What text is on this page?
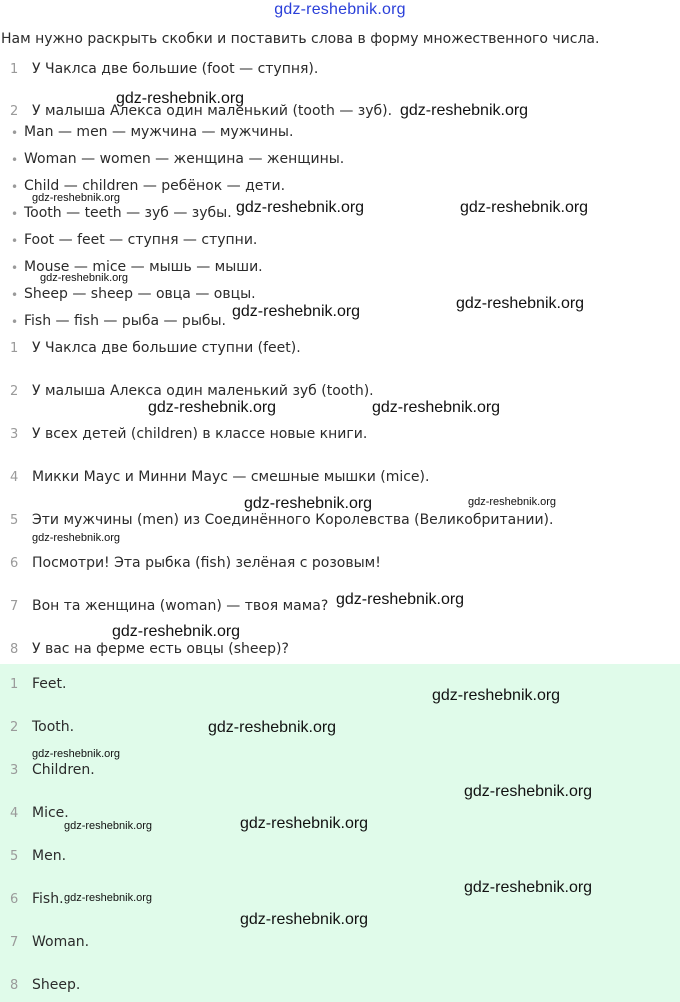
gdz-reshebnik.org
Нам нужно раскрыть скобки и поставить слова в форму множественного числа.
1 У Чаклса две большие (foot — ступня).
2 У малыша Алекса один маленький (tooth — зуб).
• Man — men — мужчина — мужчины.
• Woman — women — женщина — женщины.
• Child — children — ребёнок — дети.
• Tooth — teeth — зуб — зубы.
• Foot — feet — ступня — ступни.
• Mouse — mice — мышь — мыши.
• Sheep — sheep — овца — овцы.
• Fish — fish — рыба — рыбы.
1 У Чаклса две большие ступни (feet).
2 У малыша Алекса один маленький зуб (tooth).
3 У всех детей (children) в классе новые книги.
4 Микки Маус и Минни Маус — смешные мышки (mice).
5 Эти мужчины (men) из Соединённого Королевства (Великобритании).
6 Посмотри! Эта рыбка (fish) зелёная с розовым!
7 Вон та женщина (woman) — твоя мама?
8 У вас на ферме есть овцы (sheep)?
1 Feet.
2 Tooth.
3 Children.
4 Mice.
5 Men.
6 Fish.
7 Woman.
8 Sheep.
gdz-reshebnik.org
gdz-reshebnik.org
gdz-reshebnik.org
gdz-reshebnik.org	gdz-reshebnik.org
gdz-reshebnik.org
gdz-reshebnik.org
gdz-reshebnik.org
gdz-reshebnik.org	gdz-reshebnik.org
gdz-reshebnik.org	gdz-reshebnik.org
gdz-reshebnik.org
gdz-reshebnik.org
gdz-reshebnik.org
gdz-reshebnik.org
gdz-reshebnik.org
gdz-reshebnik.org
gdz-reshebnik.org
gdz-reshebnik.org	gdz-reshebnik.org
gdz-reshebnik.org
gdz-reshebnik.org
gdz-reshebnik.org
